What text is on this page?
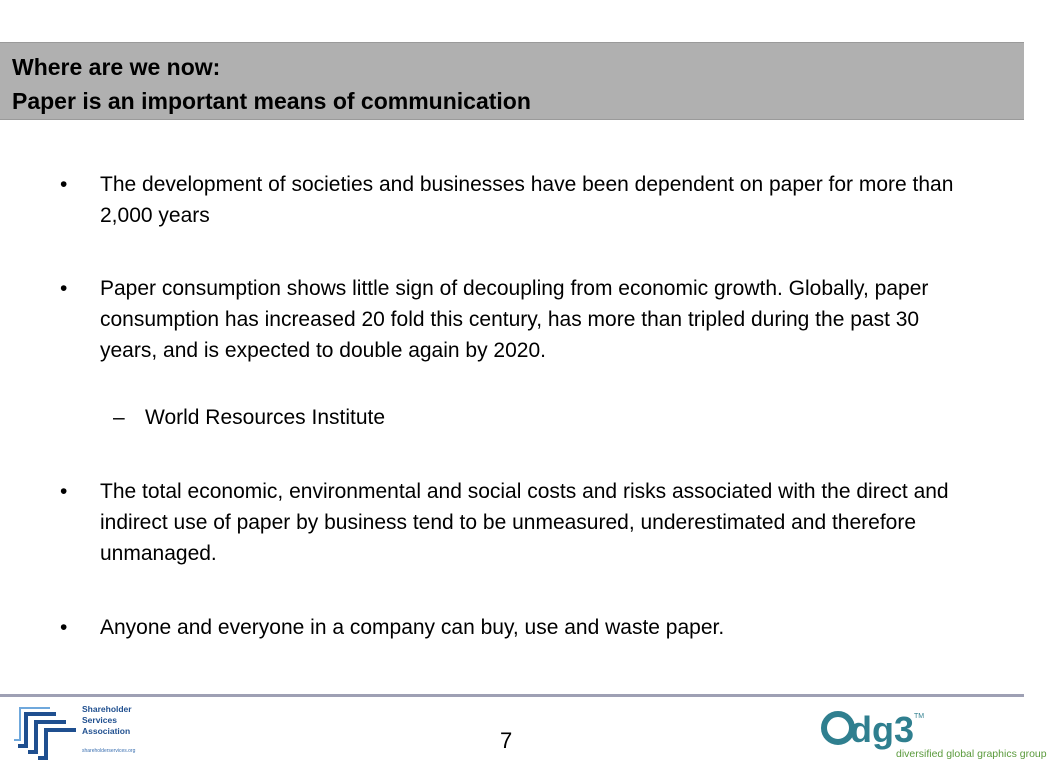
Where are we now:
Paper is an important means of communication
•	The development of societies and businesses have been dependent on paper for more than 2,000 years
•	Paper consumption shows little sign of decoupling from economic growth. Globally, paper consumption has increased 20 fold this century, has more than tripled during the past 30 years, and is expected to double again by 2020.
– World Resources Institute
•	The total economic, environmental and social costs and risks associated with the direct and indirect use of paper by business tend to be unmeasured, underestimated and therefore unmanaged.
•	Anyone and everyone in a company can buy, use and waste paper.
Shareholder
Services
Association
shareholderservices.org	7	dg3 TM
diversified global graphics group
